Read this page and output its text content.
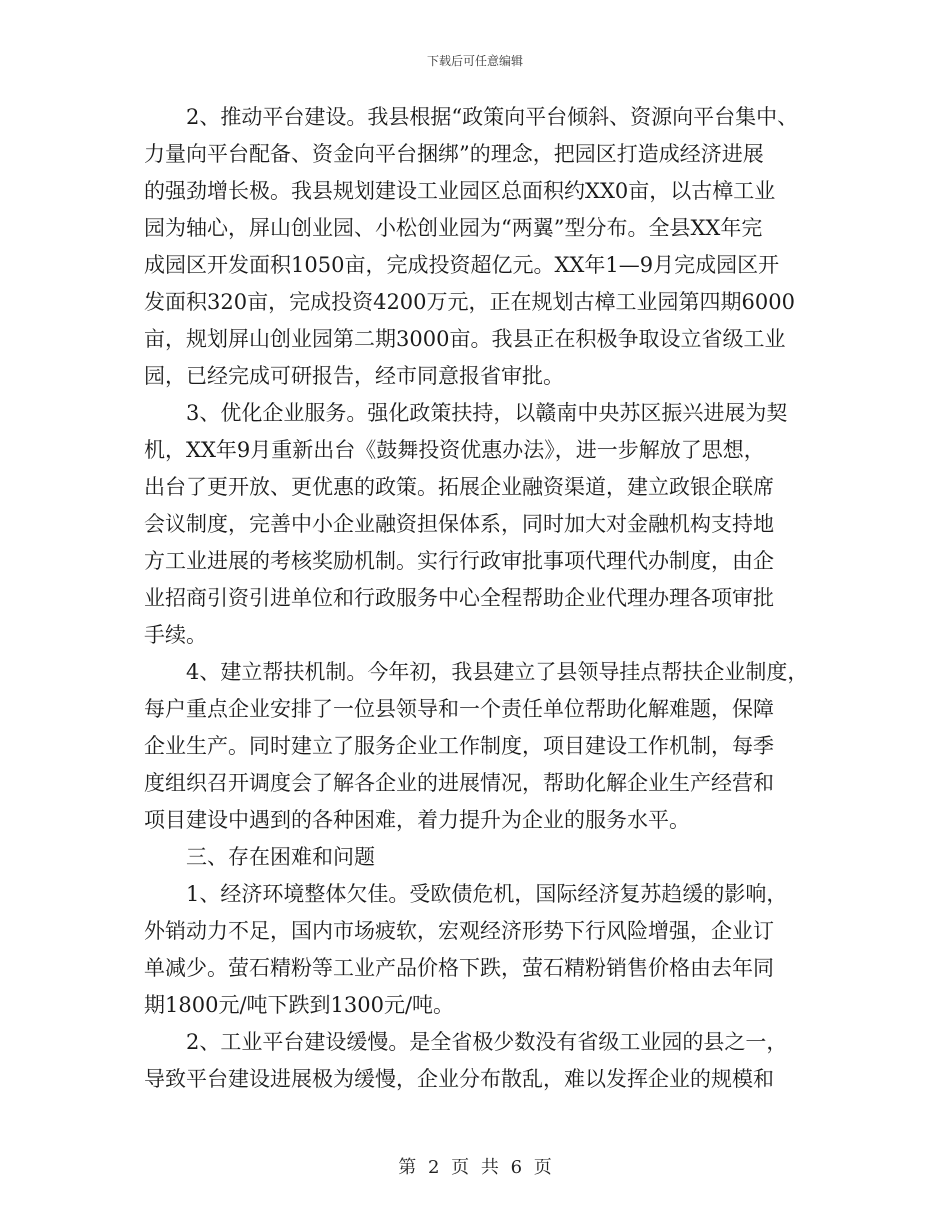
下载后可任意编辑
　　2、推动平台建设。我县根据“政策向平台倾斜、资源向平台集中、
力量向平台配备、资金向平台捆绑”的理念，把园区打造成经济进展
的强劲增长极。我县规划建设工业园区总面积约XX0亩，以古樟工业
园为轴心，屏山创业园、小松创业园为“两翼”型分布。全县XX年完
成园区开发面积1050亩，完成投资超亿元。XX年1—9月完成园区开
发面积320亩，完成投资4200万元，正在规划古樟工业园第四期6000
亩，规划屏山创业园第二期3000亩。我县正在积极争取设立省级工业
园，已经完成可研报告，经市同意报省审批。
　　3、优化企业服务。强化政策扶持，以赣南中央苏区振兴进展为契
机，XX年9月重新出台《鼓舞投资优惠办法》，进一步解放了思想，
出台了更开放、更优惠的政策。拓展企业融资渠道，建立政银企联席
会议制度，完善中小企业融资担保体系，同时加大对金融机构支持地
方工业进展的考核奖励机制。实行行政审批事项代理代办制度，由企
业招商引资引进单位和行政服务中心全程帮助企业代理办理各项审批
手续。
　　4、建立帮扶机制。今年初，我县建立了县领导挂点帮扶企业制度，
每户重点企业安排了一位县领导和一个责任单位帮助化解难题，保障
企业生产。同时建立了服务企业工作制度，项目建设工作机制，每季
度组织召开调度会了解各企业的进展情况，帮助化解企业生产经营和
项目建设中遇到的各种困难，着力提升为企业的服务水平。
　　三、存在困难和问题
　　1、经济环境整体欠佳。受欧债危机，国际经济复苏趋缓的影响，
外销动力不足，国内市场疲软，宏观经济形势下行风险增强，企业订
单减少。萤石精粉等工业产品价格下跌，萤石精粉销售价格由去年同
期1800元/吨下跌到1300元/吨。
　　2、工业平台建设缓慢。是全省极少数没有省级工业园的县之一，
导致平台建设进展极为缓慢，企业分布散乱，难以发挥企业的规模和
第 2 页 共 6 页
